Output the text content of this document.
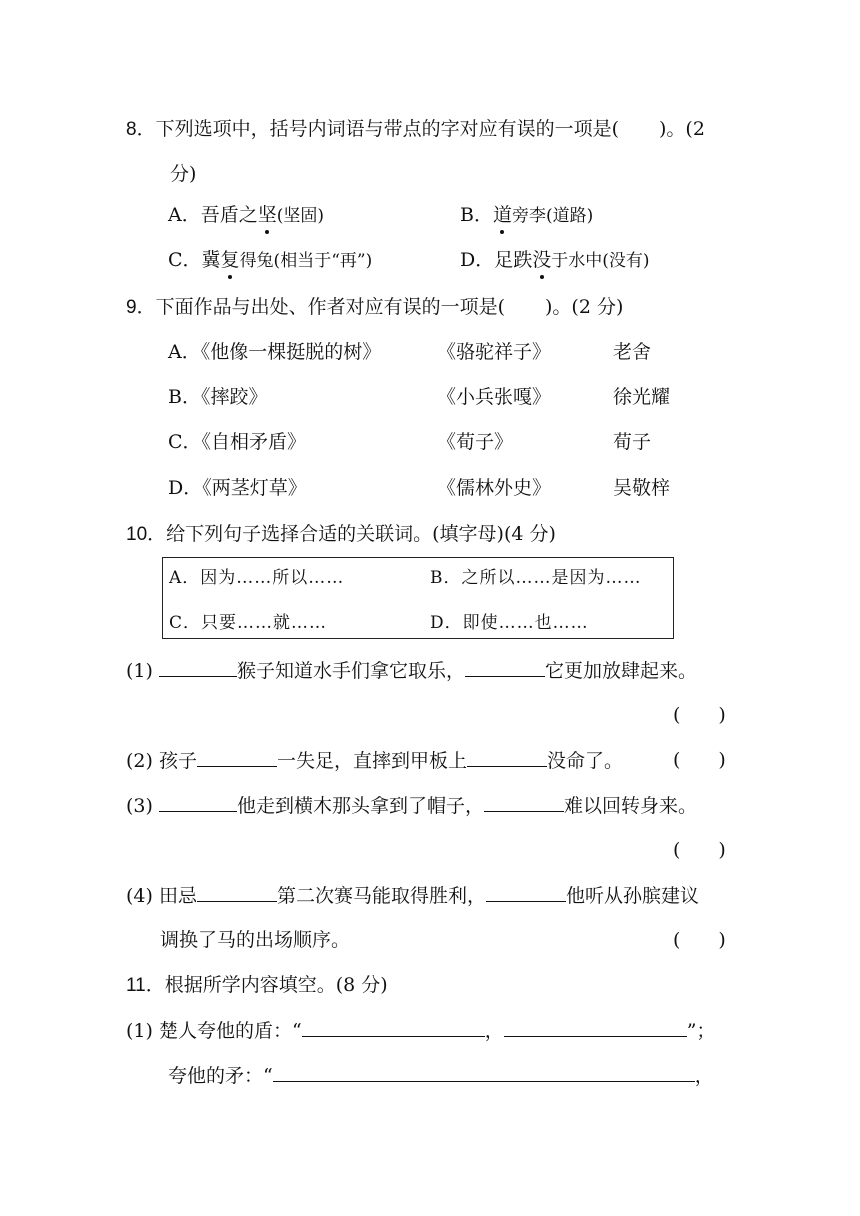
8．下列选项中，括号内词语与带点的字对应有误的一项是( )。(2
分)
A．吾盾之坚(坚固)	B．道旁李(道路)
C．冀复得兔(相当于“再”)	D．足跌没于水中(没有)
9．下面作品与出处、作者对应有误的一项是( )。(2 分)
A．《他像一棵挺脱的树》	《骆驼祥子》	老舍
B．《摔跤》	《小兵张嘎》	徐光耀
C．《自相矛盾》	《荀子》	荀子
D．《两茎灯草》	《儒林外史》	吴敬梓
10．给下列句子选择合适的关联词。(填字母)(4 分)
A．因为……所以……	B．之所以……是因为……
C．只要……就……	D．即使……也……
(1)	猴子知道水手们拿它取乐，	它更加放肆起来。
(　　)
(2) 孩子	一失足，直摔到甲板上	没命了。	(　　)
(3)	他走到横木那头拿到了帽子，	难以回转身来。
(　　)
(4) 田忌	第二次赛马能取得胜利，	他听从孙膑建议
调换了马的出场顺序。	(　　)
11．根据所学内容填空。(8 分)
(1) 楚人夸他的盾：“	，	”；
夸他的矛：“	，
